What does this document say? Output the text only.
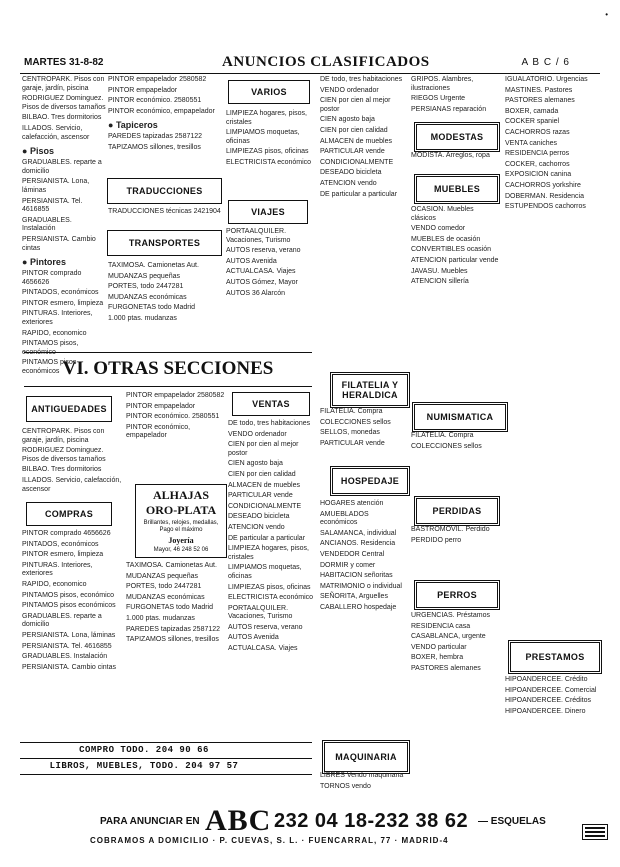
•
MARTES 31-8-82	ANUNCIOS CLASIFICADOS	A B C / 6

CENTROPARK. Pisos con garaje, jardín, piscina

RODRIGUEZ Dominguez. Pisos de diversos tamaños

BILBAO. Tres dormitorios

ILLADOS. Servicio, calefacción, ascensor

● Pisos

GRADUABLES. reparte a domicilio

PERSIANISTA. Lona, láminas

PERSIANISTA. Tel. 4616855

GRADUABLES. Instalación

PERSIANISTA. Cambio cintas

● Pintores

PINTOR comprado 4656626

PINTADOS, económicos

PINTOR esmero, limpieza

PINTURAS. Interiores, exteriores

RAPIDO, economico

PINTAMOS pisos, económico

PINTAMOS pisos económicos

PINTOR empapelador 2580582

PINTOR empapelador

PINTOR económico. 2580551

PINTOR económico, empapelador

● Tapiceros

PAREDES tapizadas 2587122

TAPIZAMOS sillones, tresillos

TRADUCCIONES

TRADUCCIONES técnicas 2421904

TRANSPORTES

TAXIMOSA. Camionetas Aut.

MUDANZAS pequeñas

PORTES, todo 2447281

MUDANZAS económicas

FURGONETAS todo Madrid

1.000 ptas. mudanzas

VARIOS

LIMPIEZA hogares, pisos, cristales

LIMPIAMOS moquetas, oficinas

LIMPIEZAS pisos, oficinas

ELECTRICISTA económico

VIAJES

PORTAALQUILER. Vacaciones, Turismo

AUTOS reserva, verano

AUTOS Avenida

ACTUALCASA. Viajes

AUTOS Gómez, Mayor

AUTOS 36 Alarcón

VI. OTRAS SECCIONES
ANTIGUEDADES

CENTROPARK. Pisos con garaje, jardín, piscina

RODRIGUEZ Dominguez. Pisos de diversos tamaños

BILBAO. Tres dormitorios

ILLADOS. Servicio, calefacción, ascensor

COMPRAS

PINTOR comprado 4656626

PINTADOS, económicos

PINTOR esmero, limpieza

PINTURAS. Interiores, exteriores

RAPIDO, economico

PINTAMOS pisos, económico

PINTAMOS pisos económicos

GRADUABLES. reparte a domicilio

PERSIANISTA. Lona, láminas

PERSIANISTA. Tel. 4616855

GRADUABLES. Instalación

PERSIANISTA. Cambio cintas

PINTOR empapelador 2580582

PINTOR empapelador

PINTOR económico. 2580551

PINTOR económico, empapelador

ALHAJAS
ORO-PLATA
Brillantes, relojes, medallas, Pago el máximo
Joyería
Mayor, 46 248 52 06

TAXIMOSA. Camionetas Aut.

MUDANZAS pequeñas

PORTES, todo 2447281

MUDANZAS económicas

FURGONETAS todo Madrid

1.000 ptas. mudanzas

PAREDES tapizadas 2587122

TAPIZAMOS sillones, tresillos

VENTAS

DE todo, tres habitaciones

VENDO ordenador

CIEN por cien al mejor postor

CIEN agosto baja

CIEN por cien calidad

ALMACEN de muebles

PARTICULAR vende

CONDICIONALMENTE

DESEADO bicicleta

ATENCION vendo

DE particular a particular

LIMPIEZA hogares, pisos, cristales

LIMPIAMOS moquetas, oficinas

LIMPIEZAS pisos, oficinas

ELECTRICISTA económico

PORTAALQUILER. Vacaciones, Turismo

AUTOS reserva, verano

AUTOS Avenida

ACTUALCASA. Viajes

DE todo, tres habitaciones

VENDO ordenador

CIEN por cien al mejor postor

CIEN agosto baja

CIEN por cien calidad

ALMACEN de muebles

PARTICULAR vende

CONDICIONALMENTE

DESEADO bicicleta

ATENCION vendo

DE particular a particular

FILATELIA Y HERALDICA

FILATELIA. Compra

COLECCIONES sellos

SELLOS, monedas

PARTICULAR vende

HOSPEDAJE

HOGARES atención

AMUEBLADOS económicos

SALAMANCA, individual

ANCIANOS. Residencia

VENDEDOR Central

DORMIR y comer

HABITACION señoritas

MATRIMONIO o individual

SEÑORITA, Arguelles

CABALLERO hospedaje

MAQUINARIA

LIBRES Vendo maquinaria

TORNOS vendo

GRIPOS. Alambres, ilustraciones

RIEGOS Urgente

PERSIANAS reparación

MODESTAS

MODISTA. Arreglos, ropa

MUEBLES

OCASION. Muebles clásicos

VENDO comedor

MUEBLES de ocasión

CONVERTIBLES ocasión

ATENCION particular vende

JAVASU. Muebles

ATENCION sillería

NUMISMATICA

FILATELIA. Compra

COLECCIONES sellos

PERDIDAS

BASTROMOVIL. Perdido

PERDIDO perro

PERROS

URGENCIAS. Préstamos

RESIDENCIA casa

CASABLANCA, urgente

VENDO particular

BOXER, hembra

PASTORES alemanes

IGUALATORIO. Urgencias

MASTINES. Pastores

PASTORES alemanes

BOXER, camada

COCKER spaniel

CACHORROS razas

VENTA caniches

RESIDENCIA perros

COCKER, cachorros

EXPOSICION canina

CACHORROS yorkshire

DOBERMAN. Residencia

ESTUPENDOS cachorros

PRESTAMOS

HIPOANDERCEE. Crédito

HIPOANDERCEE. Comercial

HIPOANDERCEE. Créditos

HIPOANDERCEE. Dinero

COMPRO TODO. 204 90 66
LIBROS, MUEBLES, TODO. 204 97 57
PARA ANUNCIAR EN ABC 232 04 18-232 38 62 — ESQUELAS
COBRAMOS A DOMICILIO · P. CUEVAS, S. L. · FUENCARRAL, 77 · MADRID-4
